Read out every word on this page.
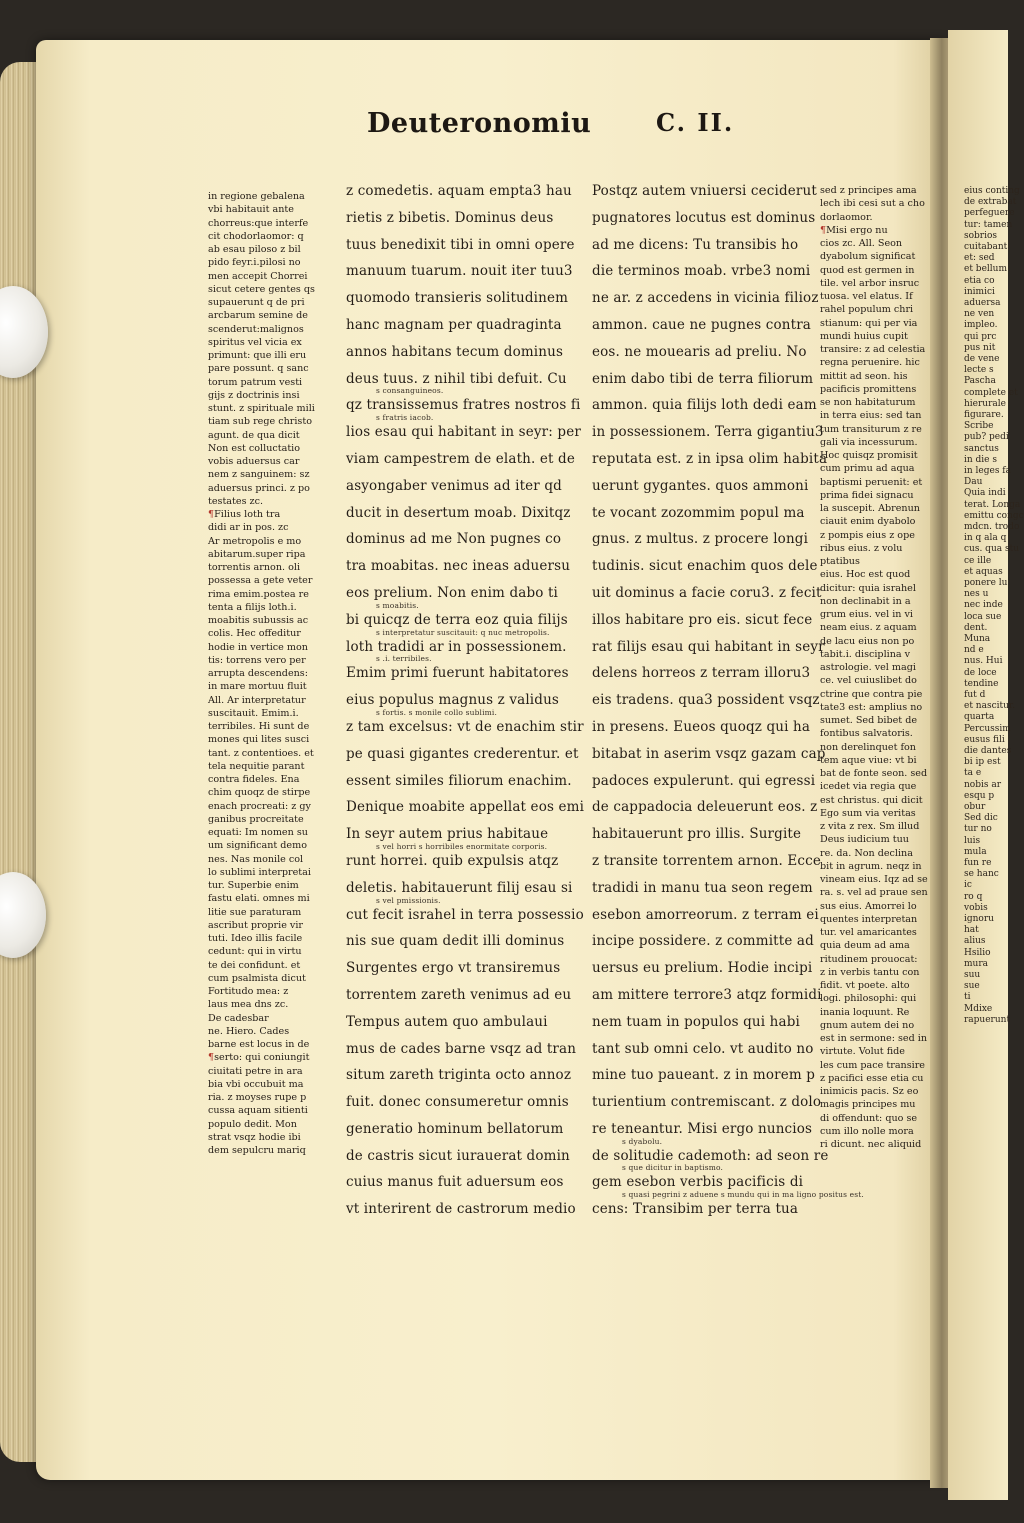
eius conting
de extrabat
perfeguere
tur: tamen
sobrios
cuitabant
et: sed
et bellum
etia co
inimici
aduersa
ne ven
impleo.
qui prc
pus nit
de vene
lecte s
Pascha
complete et
hierurale
figurare.
Scribe
pub? pedi
sanctus
in die s
in leges fa
Dau
Quia indi
terat. Longa
emittu congc
mdcn. trodo
in q ala q
cus. qua stu
ce ille
et aquas
ponere lu
nes u
nec inde
loca sue
dent.
Muna
nd e
nus. Hui
de loce
tendine
fut d
et nascitur.
quarta
Percussim
eusus fili
die dantes
bi ip est
ta e
nobis ar
esqu p
obur
Sed dic
tur no
luis
mula
fun re
se hanc
ic
ro q
vobis
ignoru
hat
alius
Hsilio
mura
suu
sue
ti
Mdixe
rapuerunt
Deuteronomiu	C. II.
in regione gebalena
vbi habitauit ante
chorreus:que interfe
cit chodorlaomor: q
ab esau piloso z bil
pido feyr.i.pilosi no
men accepit Chorrei
sicut cetere gentes qs
supauerunt q de pri
arcbarum semine de
scenderut:malignos
spiritus vel vicia ex
primunt: que illi eru
pare possunt. q sanc
torum patrum vesti
gijs z doctrinis insi
stunt. z spirituale mili
tiam sub rege christo
agunt. de qua dicit
Non est colluctatio
vobis aduersus car
nem z sanguinem: sz
aduersus princi. z po
testates zc.
¶Filius loth tra
didi ar in pos. zc
Ar metropolis e mo
abitarum.super ripa
torrentis arnon. oli
possessa a gete veter
rima emim.postea re
tenta a filijs loth.i.
moabitis subussis ac
colis. Hec offeditur
hodie in vertice mon
tis: torrens vero per
arrupta descendens:
in mare mortuu fluit
All. Ar interpretatur
suscitauit. Emim.i.
terribiles. Hi sunt de
mones qui lites susci
tant. z contentioes. et
tela nequitie parant
contra fideles. Ena
chim quoqz de stirpe
enach procreati: z gy
ganibus procreitate
equati: Im nomen su
um significant demo
nes. Nas monile col
lo sublimi interpretai
tur. Superbie enim
fastu elati. omnes mi
litie sue paraturam
ascribut proprie vir
tuti. Ideo illis facile
cedunt: qui in virtu
te dei confidunt. et
cum psalmista dicut
Fortitudo mea: z
laus mea dns zc.
De cadesbar
ne. Hiero. Cades
barne est locus in de
¶serto: qui coniungit
ciuitati petre in ara
bia vbi occubuit ma
ria. z moyses rupe p
cussa aquam sitienti
populo dedit. Mon
strat vsqz hodie ibi
dem sepulcru mariq
z comedetis. aquam empta3 hau
rietis z bibetis. Dominus deus
tuus benedixit tibi in omni opere
manuum tuarum. nouit iter tuu3
quomodo transieris solitudinem
hanc magnam per quadraginta
annos habitans tecum dominus
deus tuus. z nihil tibi defuit. Cu
qz transissemus fratres nostros fi
s consanguineos.
lios esau qui habitant in seyr: per
s fratris iacob.
viam campestrem de elath. et de
asyongaber venimus ad iter qd
ducit in desertum moab. Dixitqz
dominus ad me Non pugnes co
tra moabitas. nec ineas aduersu
eos prelium. Non enim dabo ti
bi quicqz de terra eoz quia filijs
s moabitis.
loth tradidi ar in possessionem.
s interpretatur suscitauit: q nuc metropolis.
Emim primi fuerunt habitatores
s .i. terribiles.
eius populus magnus z validus
z tam excelsus: vt de enachim stir
s fortis. s monile collo sublimi.
pe quasi gigantes crederentur. et
essent similes filiorum enachim.
Denique moabite appellat eos emi
In seyr autem prius habitaue
runt horrei. quib expulsis atqz
s vel horri s horribiles enormitate corporis.
deletis. habitauerunt filij esau si
cut fecit israhel in terra possessio
s vel pmissionis.
nis sue quam dedit illi dominus
Surgentes ergo vt transiremus
torrentem zareth venimus ad eu
Tempus autem quo ambulaui
mus de cades barne vsqz ad tran
situm zareth triginta octo annoz
fuit. donec consumeretur omnis
generatio hominum bellatorum
de castris sicut iurauerat domin
cuius manus fuit aduersum eos
vt interirent de castrorum medio
Postqz autem vniuersi ceciderut
pugnatores locutus est dominus
ad me dicens: Tu transibis ho
die terminos moab. vrbe3 nomi
ne ar. z accedens in vicinia filioz
ammon. caue ne pugnes contra
eos. ne mouearis ad preliu. No
enim dabo tibi de terra filiorum
ammon. quia filijs loth dedi eam
in possessionem. Terra gigantiu3
reputata est. z in ipsa olim habita
uerunt gygantes. quos ammoni
te vocant zozommim popul ma
gnus. z multus. z procere longi
tudinis. sicut enachim quos dele
uit dominus a facie coru3. z fecit
illos habitare pro eis. sicut fece
rat filijs esau qui habitant in seyr
delens horreos z terram illoru3
eis tradens. qua3 possident vsqz
in presens. Eueos quoqz qui ha
bitabat in aserim vsqz gazam cap
padoces expulerunt. qui egressi
de cappadocia deleuerunt eos. z
habitauerunt pro illis. Surgite
z transite torrentem arnon. Ecce
tradidi in manu tua seon regem
esebon amorreorum. z terram ei
incipe possidere. z committe ad
uersus eu prelium. Hodie incipi
am mittere terrore3 atqz formidi
nem tuam in populos qui habi
tant sub omni celo. vt audito no
mine tuo paueant. z in morem p
turientium contremiscant. z dolo
re teneantur. Misi ergo nuncios
de solitudie cademoth: ad seon re
s dyabolu.
gem esebon verbis pacificis di
s que dicitur in baptismo.
cens: Transibim per terra tua
s quasi pegrini z aduene s mundu qui in ma ligno positus est.
sed z principes ama
lech ibi cesi sut a cho
dorlaomor.
¶Misi ergo nu
cios zc. All. Seon
dyabolum significat
quod est germen in
tile. vel arbor insruc
tuosa. vel elatus. If
rahel populum chri
stianum: qui per via
mundi huius cupit
transire: z ad celestia
regna peruenire. hic
mittit ad seon. his
pacificis promittens
se non habitaturum
in terra eius: sed tan
tum transiturum z re
gali via incessurum.
Hoc quisqz promisit
cum primu ad aqua
baptismi peruenit: et
prima fidei signacu
la suscepit. Abrenun
ciauit enim dyabolo
z pompis eius z ope
ribus eius. z volu
ptatibus
eius. Hoc est quod
dicitur: quia israhel
non declinabit in a
grum eius. vel in vi
neam eius. z aquam
de lacu eius non po
tabit.i. disciplina v
astrologie. vel magi
ce. vel cuiuslibet do
ctrine que contra pie
tate3 est: amplius no
sumet. Sed bibet de
fontibus salvatoris.
non derelinquet fon
tem aque viue: vt bi
bat de fonte seon. sed
icedet via regia que
est christus. qui dicit
Ego sum via veritas
z vita z rex. Sm illud
Deus iudicium tuu
re. da. Non declina
bit in agrum. neqz in
vineam eius. Iqz ad se
ra. s. vel ad praue sen
sus eius. Amorrei lo
quentes interpretan
tur. vel amaricantes
quia deum ad ama
ritudinem prouocat:
z in verbis tantu con
fidit. vt poete. alto
logi. philosophi: qui
inania loquunt. Re
gnum autem dei no
est in sermone: sed in
virtute. Volut fide
les cum pace transire
z pacifici esse etia cu
inimicis pacis. Sz eo
magis principes mu
di offendunt: quo se
cum illo nolle mora
ri dicunt. nec aliquid
